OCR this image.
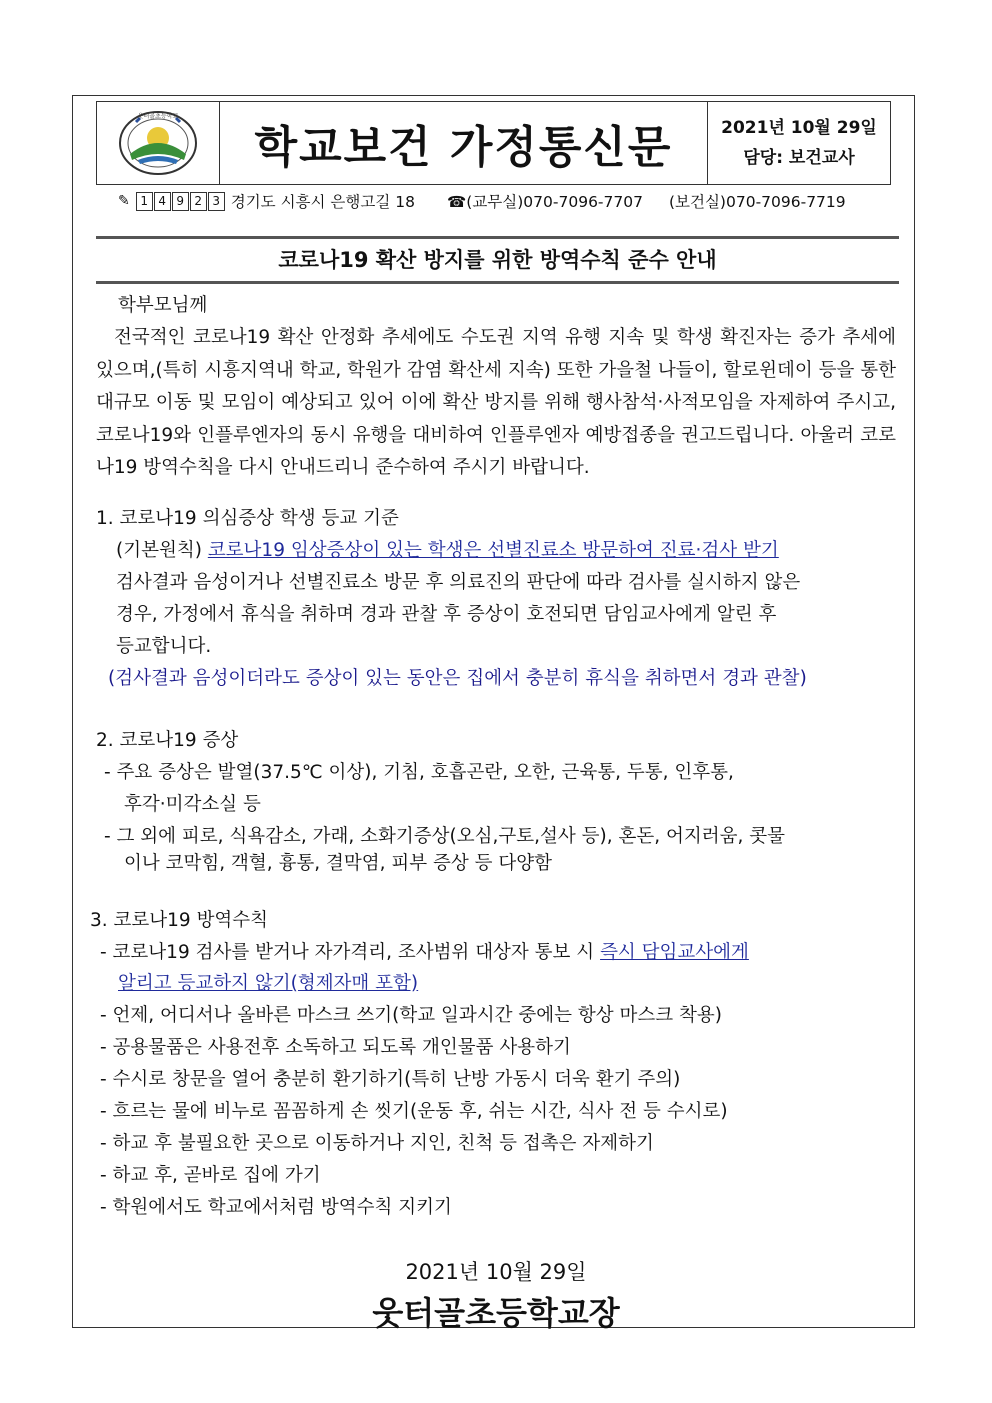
웃터골초등학교
학교보건 가정통신문	2021년 10월 29일
담당: 보건교사
✎ 1 4 9 2 3 경기도 시흥시 은행고길 18 ☎(교무실)070-7096-7707 (보건실)070-7096-7719
코로나19 확산 방지를 위한 방역수칙 준수 안내
학부모님께
전국적인 코로나19 확산 안정화 추세에도 수도권 지역 유행 지속 및 학생 확진자는 증가 추세에 있으며,(특히 시흥지역내 학교, 학원가 감염 확산세 지속) 또한 가을철 나들이, 할로윈데이 등을 통한 대규모 이동 및 모임이 예상되고 있어 이에 확산 방지를 위해 행사참석·사적모임을 자제하여 주시고, 코로나19와 인플루엔자의 동시 유행을 대비하여 인플루엔자 예방접종을 권고드립니다. 아울러 코로나19 방역수칙을 다시 안내드리니 준수하여 주시기 바랍니다.
1. 코로나19 의심증상 학생 등교 기준
(기본원칙) 코로나19 임상증상이 있는 학생은 선별진료소 방문하여 진료·검사 받기
검사결과 음성이거나 선별진료소 방문 후 의료진의 판단에 따라 검사를 실시하지 않은
경우, 가정에서 휴식을 취하며 경과 관찰 후 증상이 호전되면 담임교사에게 알린 후
등교합니다.
(검사결과 음성이더라도 증상이 있는 동안은 집에서 충분히 휴식을 취하면서 경과 관찰)
2. 코로나19 증상
- 주요 증상은 발열(37.5℃ 이상), 기침, 호흡곤란, 오한, 근육통, 두통, 인후통,
후각·미각소실 등
- 그 외에 피로, 식욕감소, 가래, 소화기증상(오심,구토,설사 등), 혼돈, 어지러움, 콧물
이나 코막힘, 객혈, 흉통, 결막염, 피부 증상 등 다양함
3. 코로나19 방역수칙
- 코로나19 검사를 받거나 자가격리, 조사범위 대상자 통보 시 즉시 담임교사에게
알리고 등교하지 않기(형제자매 포함)
- 언제, 어디서나 올바른 마스크 쓰기(학교 일과시간 중에는 항상 마스크 착용)
- 공용물품은 사용전후 소독하고 되도록 개인물품 사용하기
- 수시로 창문을 열어 충분히 환기하기(특히 난방 가동시 더욱 환기 주의)
- 흐르는 물에 비누로 꼼꼼하게 손 씻기(운동 후, 쉬는 시간, 식사 전 등 수시로)
- 하교 후 불필요한 곳으로 이동하거나 지인, 친척 등 접촉은 자제하기
- 하교 후, 곧바로 집에 가기
- 학원에서도 학교에서처럼 방역수칙 지키기
2021년 10월 29일
웃터골초등학교장
